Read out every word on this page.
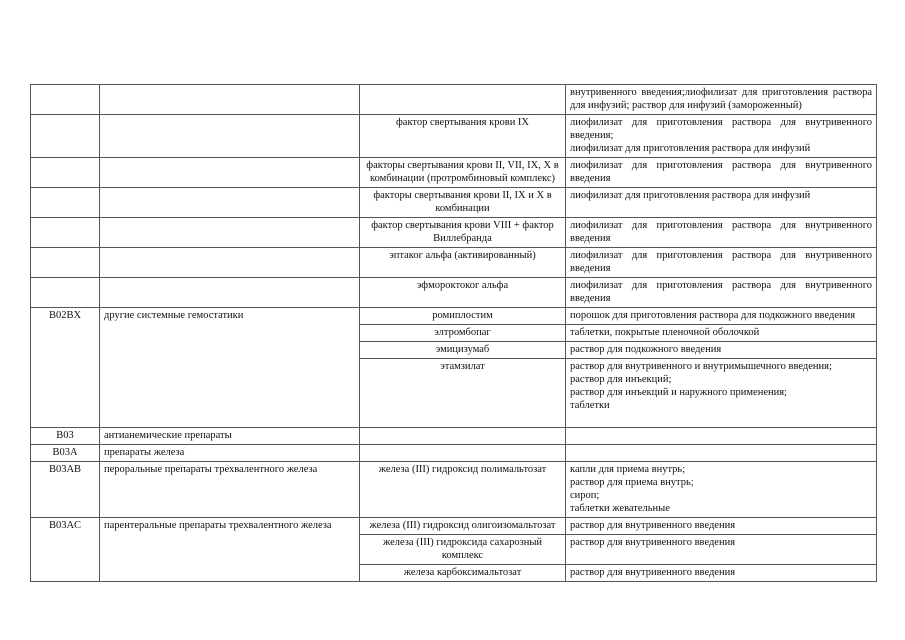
			внутривенного введения;лиофилизат для приготовления раствора для инфузий; раствор для инфузий (замороженный)

		фактор свертывания крови IX	лиофилизат для приготовления раствора для внутривенного введения;
лиофилизат для приготовления раствора для инфузий

		факторы свертывания крови II, VII, IX, X в комбинации (протромбиновый комплекс)	лиофилизат для приготовления раствора для внутривенного введения

		факторы свертывания крови II, IX и X в комбинации	лиофилизат для приготовления раствора для инфузий

		фактор свертывания крови VIII + фактор Виллебранда	лиофилизат для приготовления раствора для внутривенного введения

		эптаког альфа (активированный)	лиофилизат для приготовления раствора для внутривенного введения

		эфмороктоког альфа	лиофилизат для приготовления раствора для внутривенного введения

B02BX	другие системные гемостатики	ромиплостим	порошок для приготовления раствора для подкожного введения

		элтромбопаг	таблетки, покрытые пленочной оболочкой

		эмицизумаб	раствор для подкожного введения

		этамзилат	раствор для внутривенного и внутримышечного введения;
раствор для инъекций;
раствор для инъекций и наружного применения;
таблетки

B03	антианемические препараты		
B03A	препараты железа		
B03AB	пероральные препараты трехвалентного железа	железа (III) гидроксид полимальтозат	капли для приема внутрь;
раствор для приема внутрь;
сироп;
таблетки жевательные

B03AC	парентеральные препараты трехвалентного железа	железа (III) гидроксид олигоизомальтозат	раствор для внутривенного введения

		железа (III) гидроксида сахарозный комплекс	раствор для внутривенного введения

		железа карбоксимальтозат	раствор для внутривенного введения
